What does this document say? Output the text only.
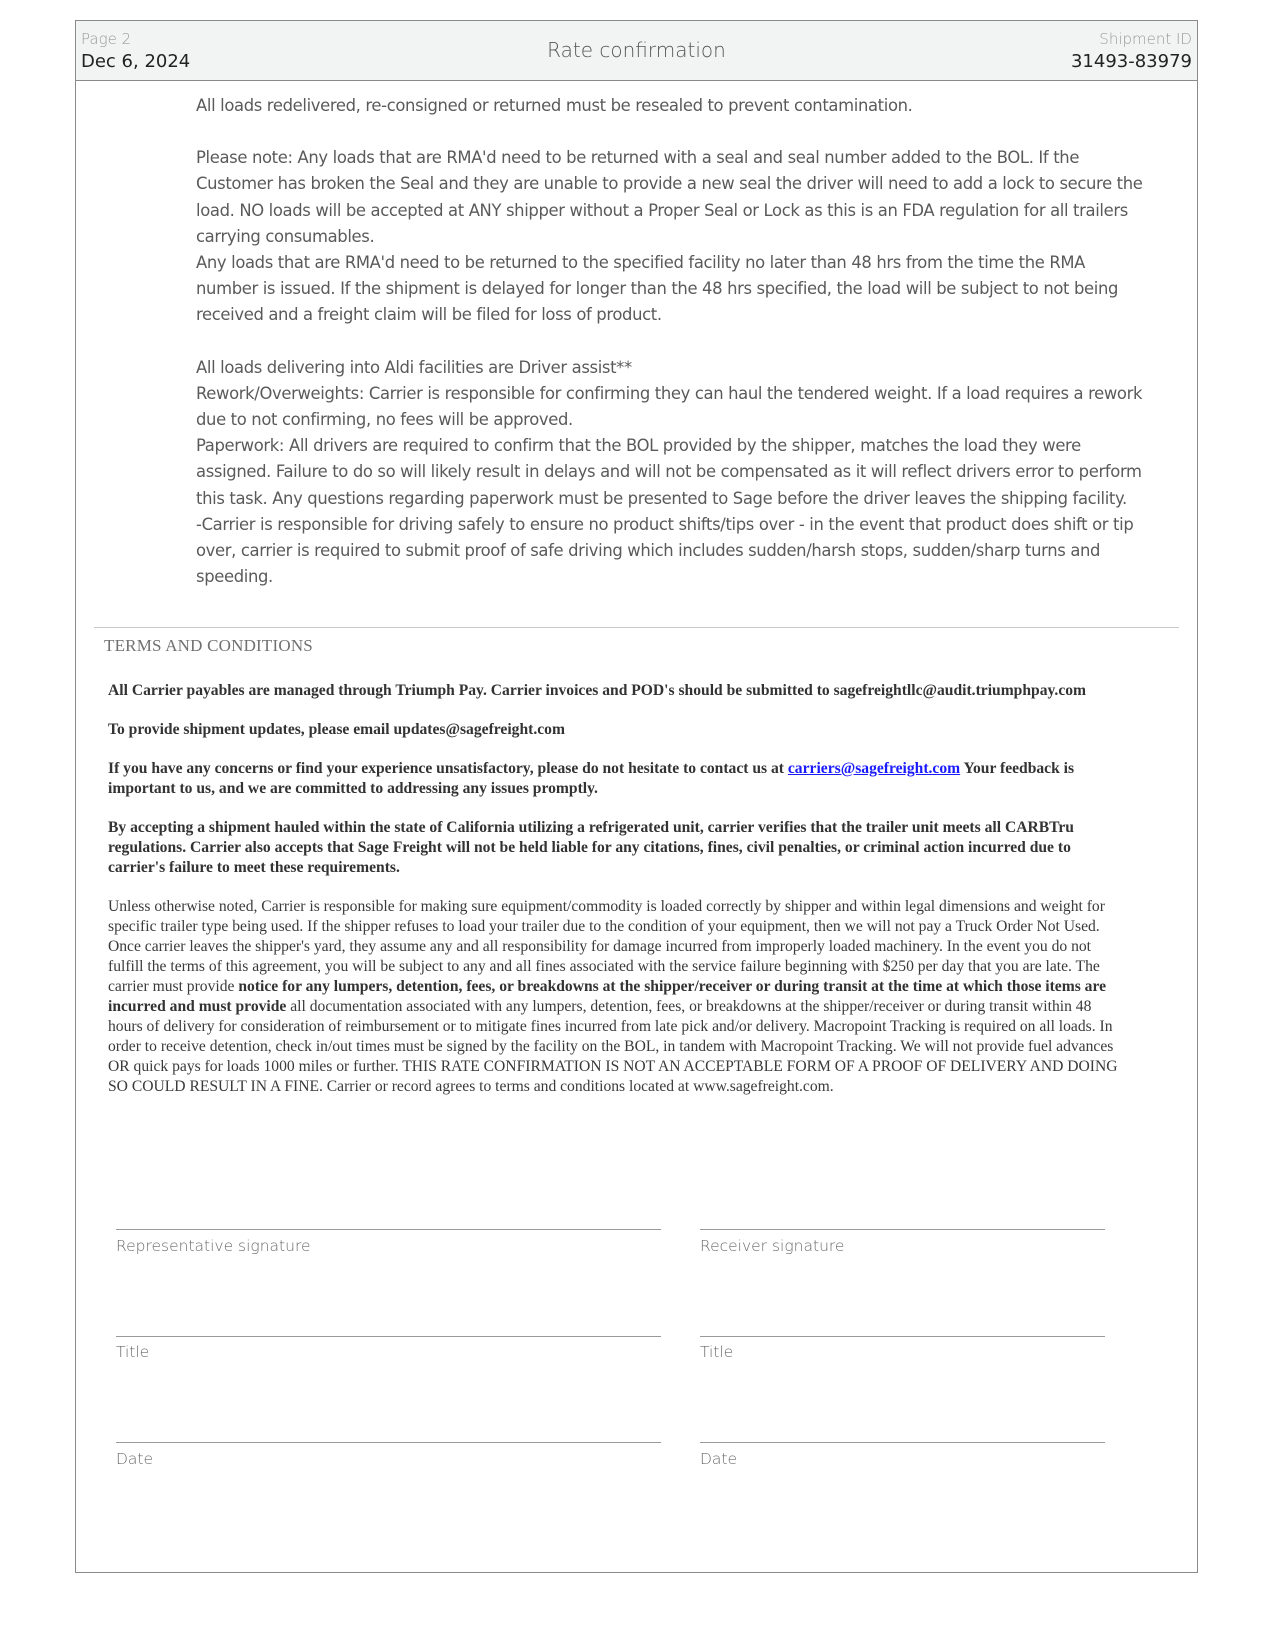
Page 2
Dec 6, 2024	Rate confirmation	Shipment ID
31493-83979

All loads redelivered, re-consigned or returned must be resealed to prevent contamination.

Please note: Any loads that are RMA'd need to be returned with a seal and seal number added to the BOL. If the Customer has broken the Seal and they are unable to provide a new seal the driver will need to add a lock to secure the load. NO loads will be accepted at ANY shipper without a Proper Seal or Lock as this is an FDA regulation for all trailers carrying consumables.

Any loads that are RMA'd need to be returned to the specified facility no later than 48 hrs from the time the RMA number is issued. If the shipment is delayed for longer than the 48 hrs specified, the load will be subject to not being received and a freight claim will be filed for loss of product.

All loads delivering into Aldi facilities are Driver assist**

Rework/Overweights: Carrier is responsible for confirming they can haul the tendered weight. If a load requires a rework due to not confirming, no fees will be approved.

Paperwork: All drivers are required to confirm that the BOL provided by the shipper, matches the load they were assigned. Failure to do so will likely result in delays and will not be compensated as it will reflect drivers error to perform this task. Any questions regarding paperwork must be presented to Sage before the driver leaves the shipping facility.

-Carrier is responsible for driving safely to ensure no product shifts/tips over - in the event that product does shift or tip over, carrier is required to submit proof of safe driving which includes sudden/harsh stops, sudden/sharp turns and speeding.

TERMS AND CONDITIONS

All Carrier payables are managed through Triumph Pay. Carrier invoices and POD's should be submitted to sagefreightllc@audit.triumphpay.com

To provide shipment updates, please email updates@sagefreight.com

If you have any concerns or find your experience unsatisfactory, please do not hesitate to contact us at carriers@sagefreight.com Your feedback is important to us, and we are committed to addressing any issues promptly.

By accepting a shipment hauled within the state of California utilizing a refrigerated unit, carrier verifies that the trailer unit meets all CARBTru regulations. Carrier also accepts that Sage Freight will not be held liable for any citations, fines, civil penalties, or criminal action incurred due to carrier's failure to meet these requirements.

Unless otherwise noted, Carrier is responsible for making sure equipment/commodity is loaded correctly by shipper and within legal dimensions and weight for specific trailer type being used. If the shipper refuses to load your trailer due to the condition of your equipment, then we will not pay a Truck Order Not Used. Once carrier leaves the shipper's yard, they assume any and all responsibility for damage incurred from improperly loaded machinery. In the event you do not fulfill the terms of this agreement, you will be subject to any and all fines associated with the service failure beginning with $250 per day that you are late. The carrier must provide notice for any lumpers, detention, fees, or breakdowns at the shipper/receiver or during transit at the time at which those items are incurred and must provide all documentation associated with any lumpers, detention, fees, or breakdowns at the shipper/receiver or during transit within 48 hours of delivery for consideration of reimbursement or to mitigate fines incurred from late pick and/or delivery. Macropoint Tracking is required on all loads. In order to receive detention, check in/out times must be signed by the facility on the BOL, in tandem with Macropoint Tracking. We will not provide fuel advances OR quick pays for loads 1000 miles or further. THIS RATE CONFIRMATION IS NOT AN ACCEPTABLE FORM OF A PROOF OF DELIVERY AND DOING SO COULD RESULT IN A FINE. Carrier or record agrees to terms and conditions located at www.sagefreight.com.

Representative signature	Receiver signature
Title	Title
Date	Date
